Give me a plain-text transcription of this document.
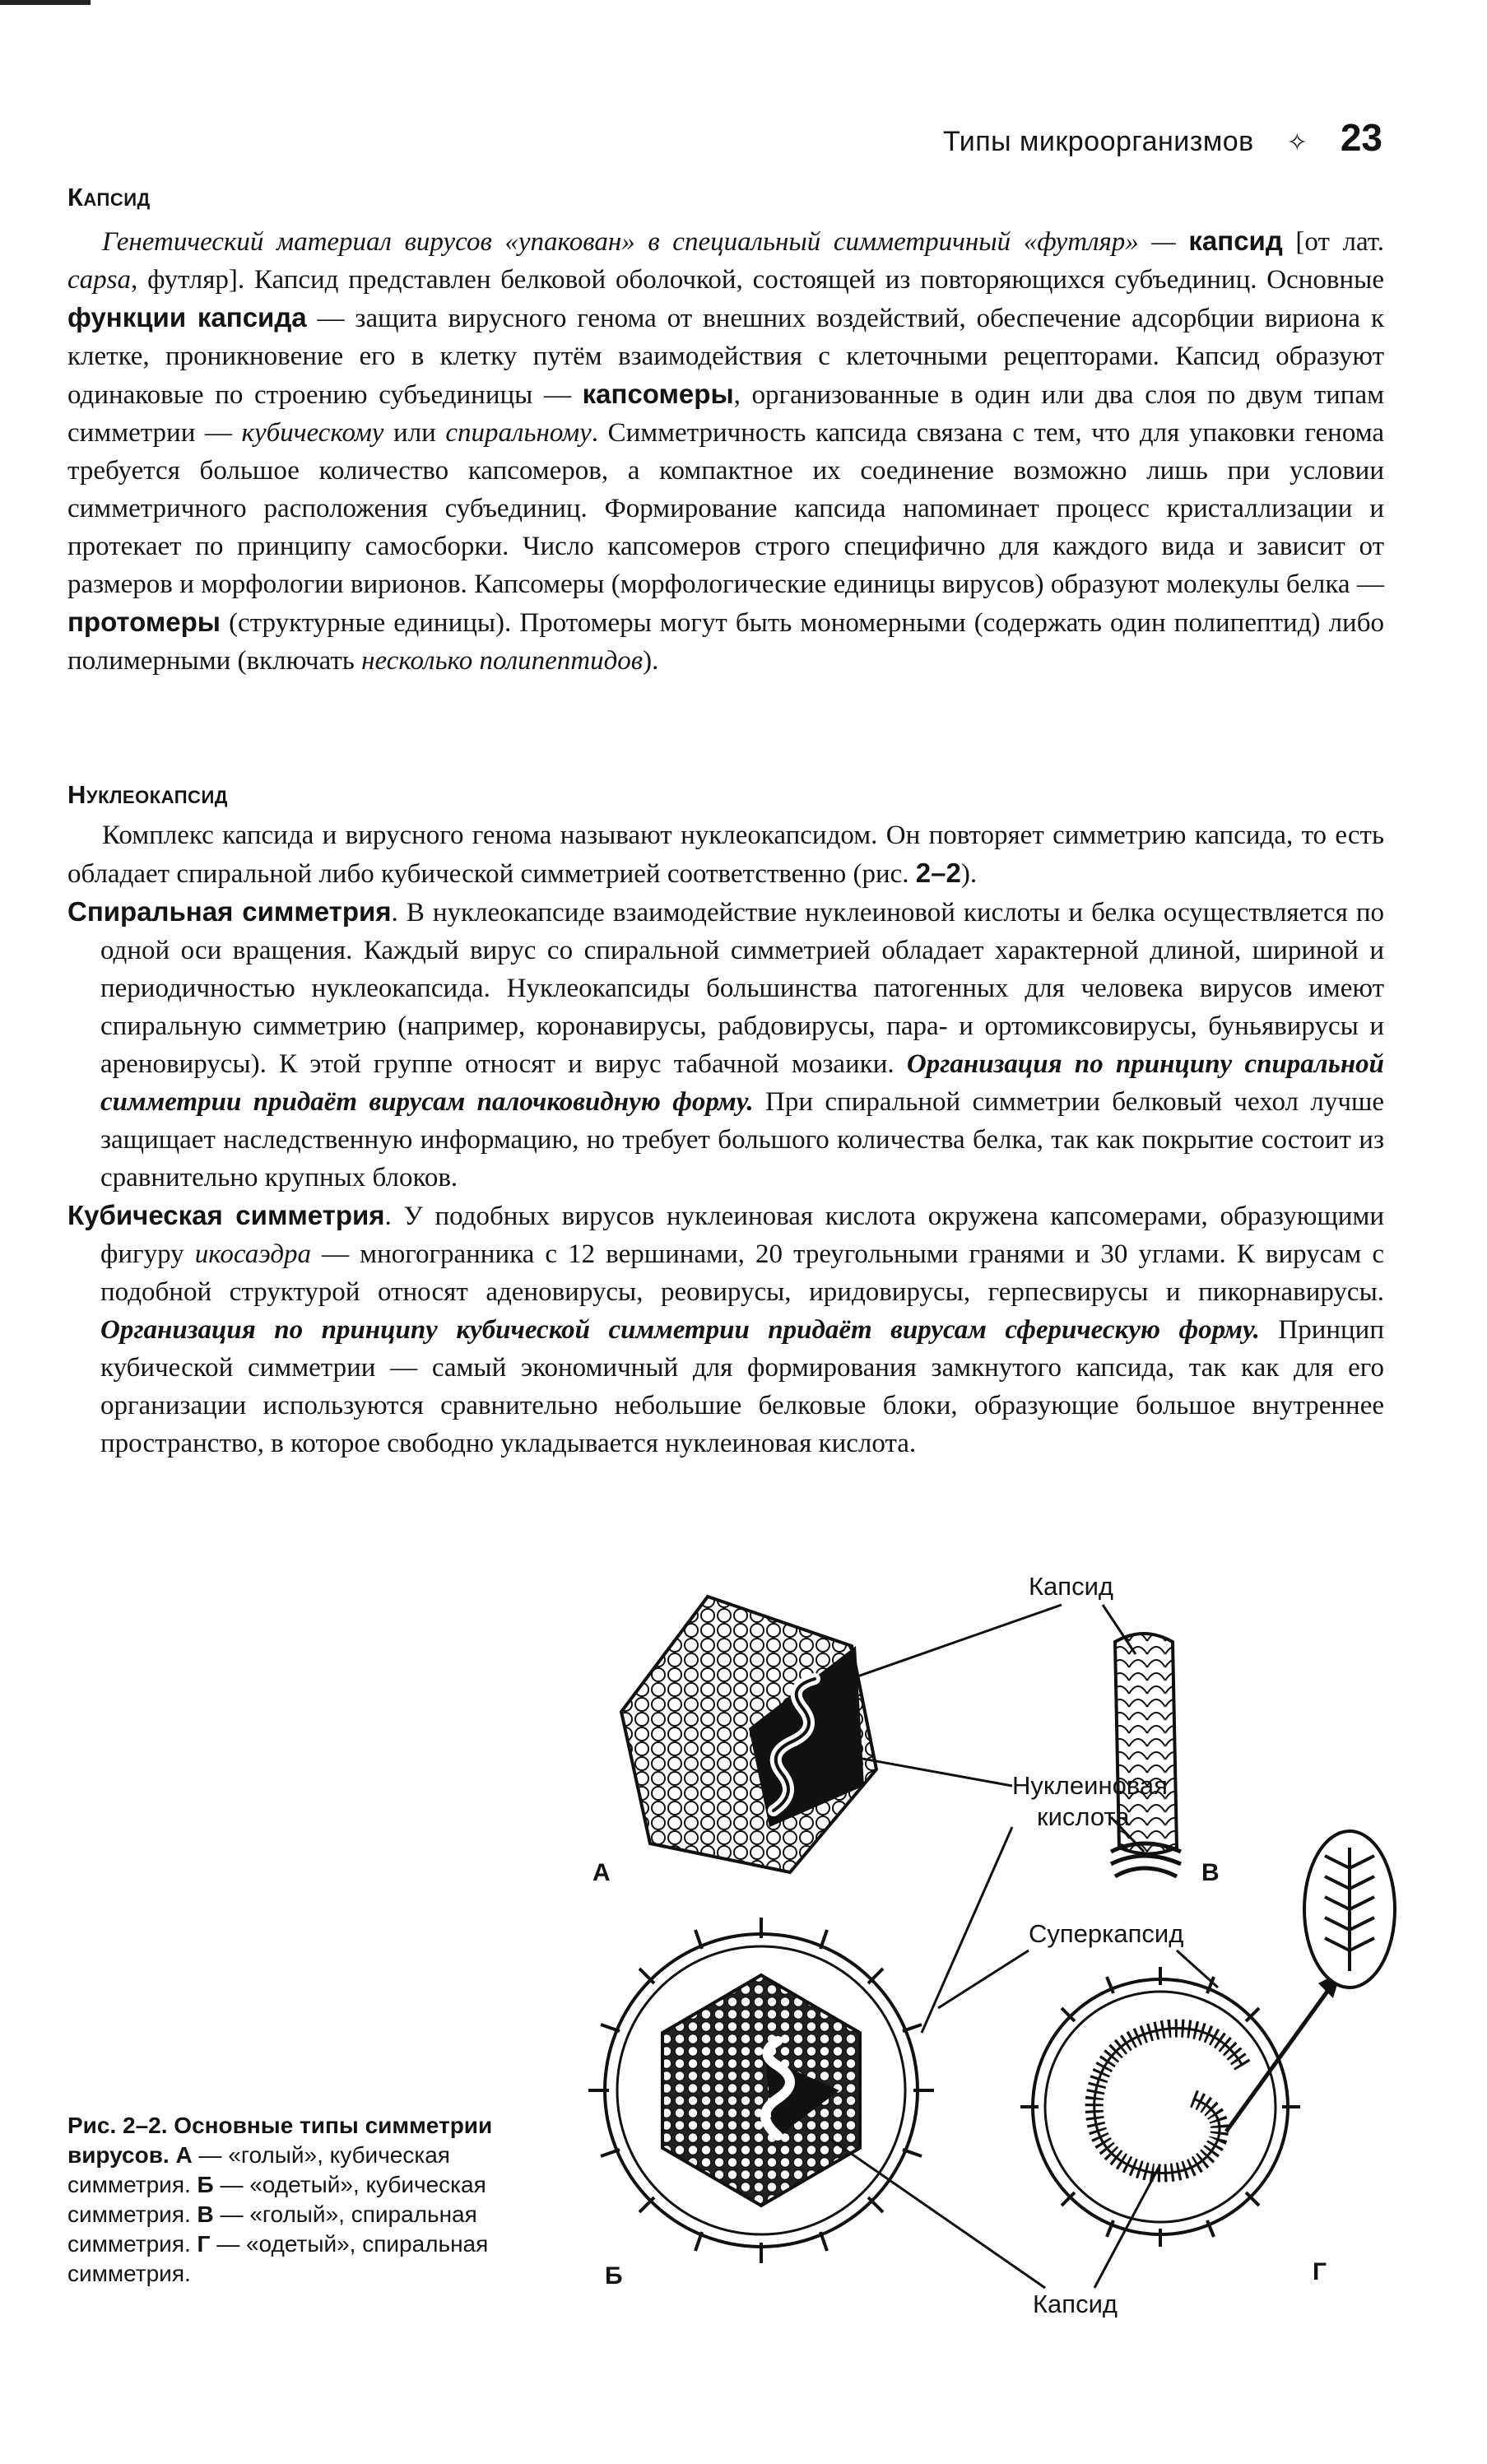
Типы микроорганизмов ✧ 23
Капсид

Генетический материал вирусов «упакован» в специальный симметричный «футляр» — капсид [от лат. capsa, футляр]. Капсид представлен белковой оболочкой, состоящей из повторяющихся субъединиц. Основные функции капсида — защита вирусного генома от внешних воздействий, обеспечение адсорбции вириона к клетке, проникновение его в клетку путём взаимодействия с клеточными рецепторами. Капсид образуют одинаковые по строению субъединицы — капсомеры, организованные в один или два слоя по двум типам симметрии — кубическому или спиральному. Симметричность капсида связана с тем, что для упаковки генома требуется большое количество капсомеров, а компактное их соединение возможно лишь при условии симметричного расположения субъединиц. Формирование капсида напоминает процесс кристаллизации и протекает по принципу самосборки. Число капсомеров строго специфично для каждого вида и зависит от размеров и морфологии вирионов. Капсомеры (морфологические единицы вирусов) образуют молекулы белка — протомеры (структурные единицы). Протомеры могут быть мономерными (содержать один полипептид) либо полимерными (включать несколько полипептидов).

Нуклеокапсид

Комплекс капсида и вирусного генома называют нуклеокапсидом. Он повторяет симметрию капсида, то есть обладает спиральной либо кубической симметрией соответственно (рис. 2–2).

Спиральная симметрия. В нуклеокапсиде взаимодействие нуклеиновой кислоты и белка осуществляется по одной оси вращения. Каждый вирус со спиральной симметрией обладает характерной длиной, шириной и периодичностью нуклеокапсида. Нуклеокапсиды большинства патогенных для человека вирусов имеют спиральную симметрию (например, коронавирусы, рабдовирусы, пара- и ортомиксовирусы, буньявирусы и ареновирусы). К этой группе относят и вирус табачной мозаики. Организация по принципу спиральной симметрии придаёт вирусам палочковидную форму. При спиральной симметрии белковый чехол лучше защищает наследственную информацию, но требует большого количества белка, так как покрытие состоит из сравнительно крупных блоков.

Кубическая симметрия. У подобных вирусов нуклеиновая кислота окружена капсомерами, образующими фигуру икосаэдра — многогранника с 12 вершинами, 20 треугольными гранями и 30 углами. К вирусам с подобной структурой относят аденовирусы, реовирусы, иридовирусы, герпесвирусы и пикорнавирусы. Организация по принципу кубической симметрии придаёт вирусам сферическую форму. Принцип кубической симметрии — самый экономичный для формирования замкнутого капсида, так как для его организации используются сравнительно небольшие белковые блоки, образующие большое внутреннее пространство, в которое свободно укладывается нуклеиновая кислота.

А	В
Капсид
Нуклеиновая
кислота
Суперкапсид
Б	Г
Капсид

Рис. 2–2. Основные типы симметрии вирусов. А — «голый», кубическая симметрия. Б — «одетый», кубическая симметрия. В — «голый», спиральная симметрия. Г — «одетый», спиральная симметрия.
